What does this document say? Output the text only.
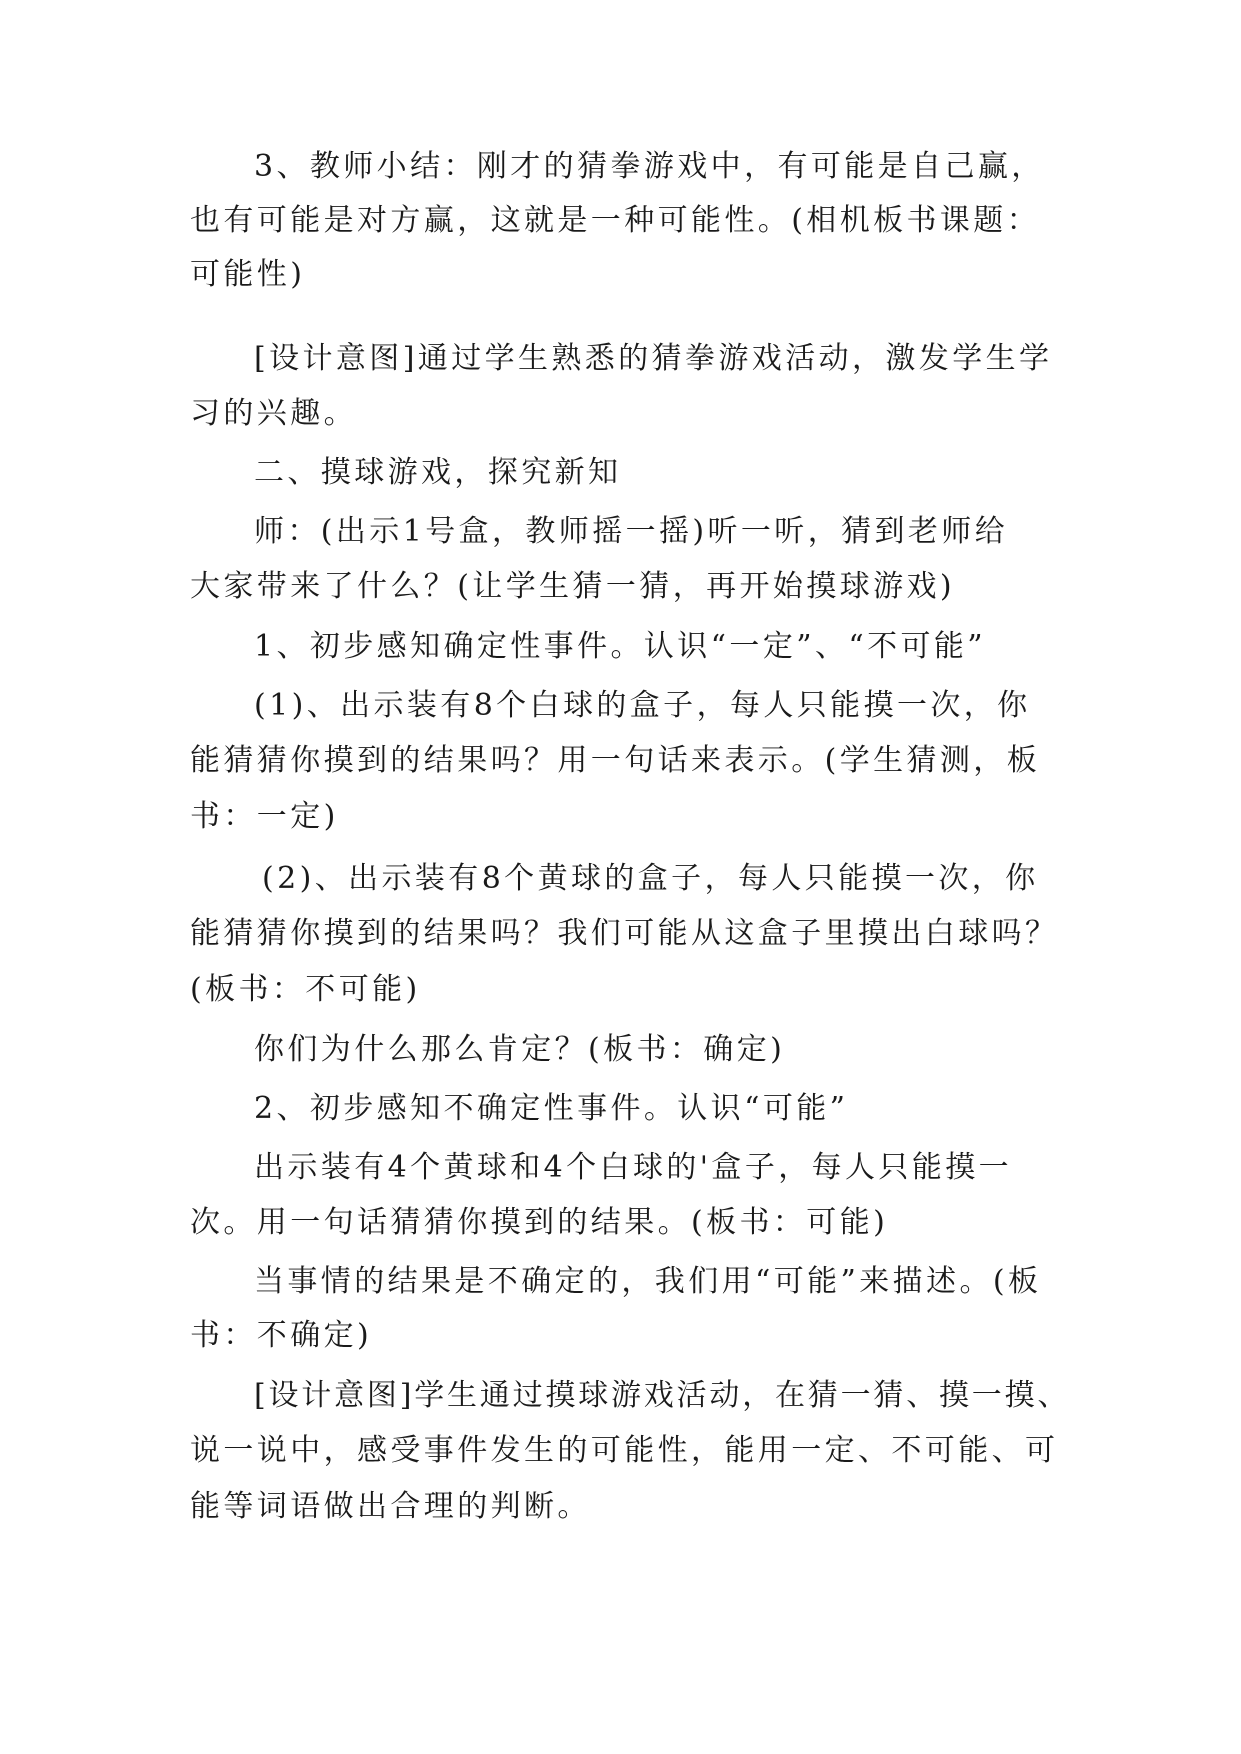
3、教师小结：刚才的猜拳游戏中，有可能是自己赢，

也有可能是对方赢，这就是一种可能性。(相机板书课题：

可能性)

[设计意图]通过学生熟悉的猜拳游戏活动，激发学生学

习的兴趣。

二、摸球游戏，探究新知

师：(出示1号盒，教师摇一摇)听一听，猜到老师给

大家带来了什么？(让学生猜一猜，再开始摸球游戏)

1、初步感知确定性事件。认识“一定”、“不可能”

(1)、出示装有8个白球的盒子，每人只能摸一次，你

能猜猜你摸到的结果吗？用一句话来表示。(学生猜测，板

书：一定)

(2)、出示装有8个黄球的盒子，每人只能摸一次，你

能猜猜你摸到的结果吗？我们可能从这盒子里摸出白球吗？

(板书：不可能)

你们为什么那么肯定？(板书：确定)

2、初步感知不确定性事件。认识“可能”

出示装有4个黄球和4个白球的'盒子，每人只能摸一

次。用一句话猜猜你摸到的结果。(板书：可能)

当事情的结果是不确定的，我们用“可能”来描述。(板

书：不确定)

[设计意图]学生通过摸球游戏活动，在猜一猜、摸一摸、

说一说中，感受事件发生的可能性，能用一定、不可能、可

能等词语做出合理的判断。
